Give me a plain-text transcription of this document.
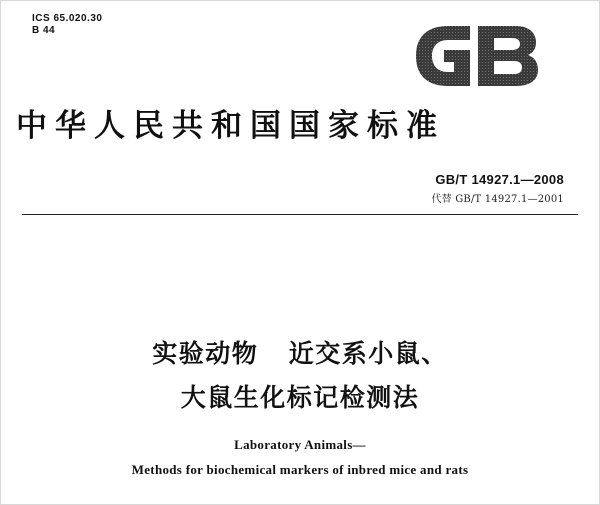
ICS 65.020.30
B 44
GB
中华人民共和国国家标准
GB/T 14927.1—2008
代替 GB/T 14927.1—2001
实验动物   近交系小鼠、
大鼠生化标记检测法
Laboratory Animals—
Methods for biochemical markers of inbred mice and rats
